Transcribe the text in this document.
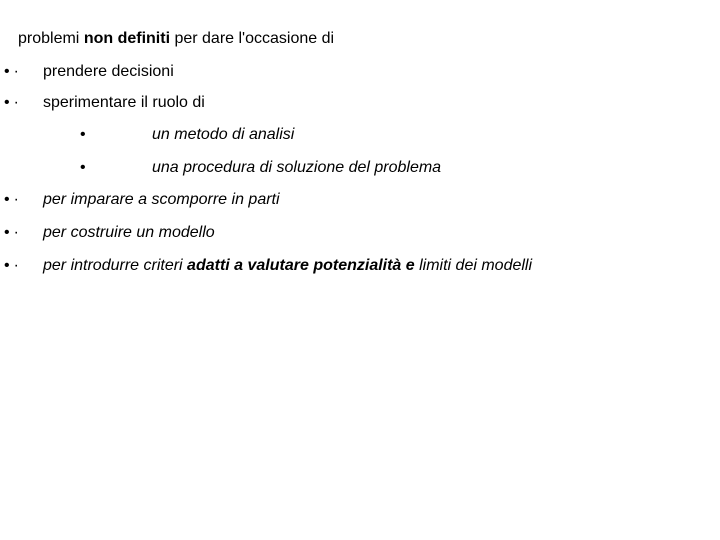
problemi non definiti per dare l'occasione di
• ∙ prendere decisioni
• ∙ sperimentare il ruolo di
•	un metodo di analisi
•	una procedura di soluzione del problema
• ∙ per imparare a scomporre in parti
• ∙ per costruire un modello
• ∙ per introdurre criteri adatti a valutare potenzialità e limiti dei modelli
